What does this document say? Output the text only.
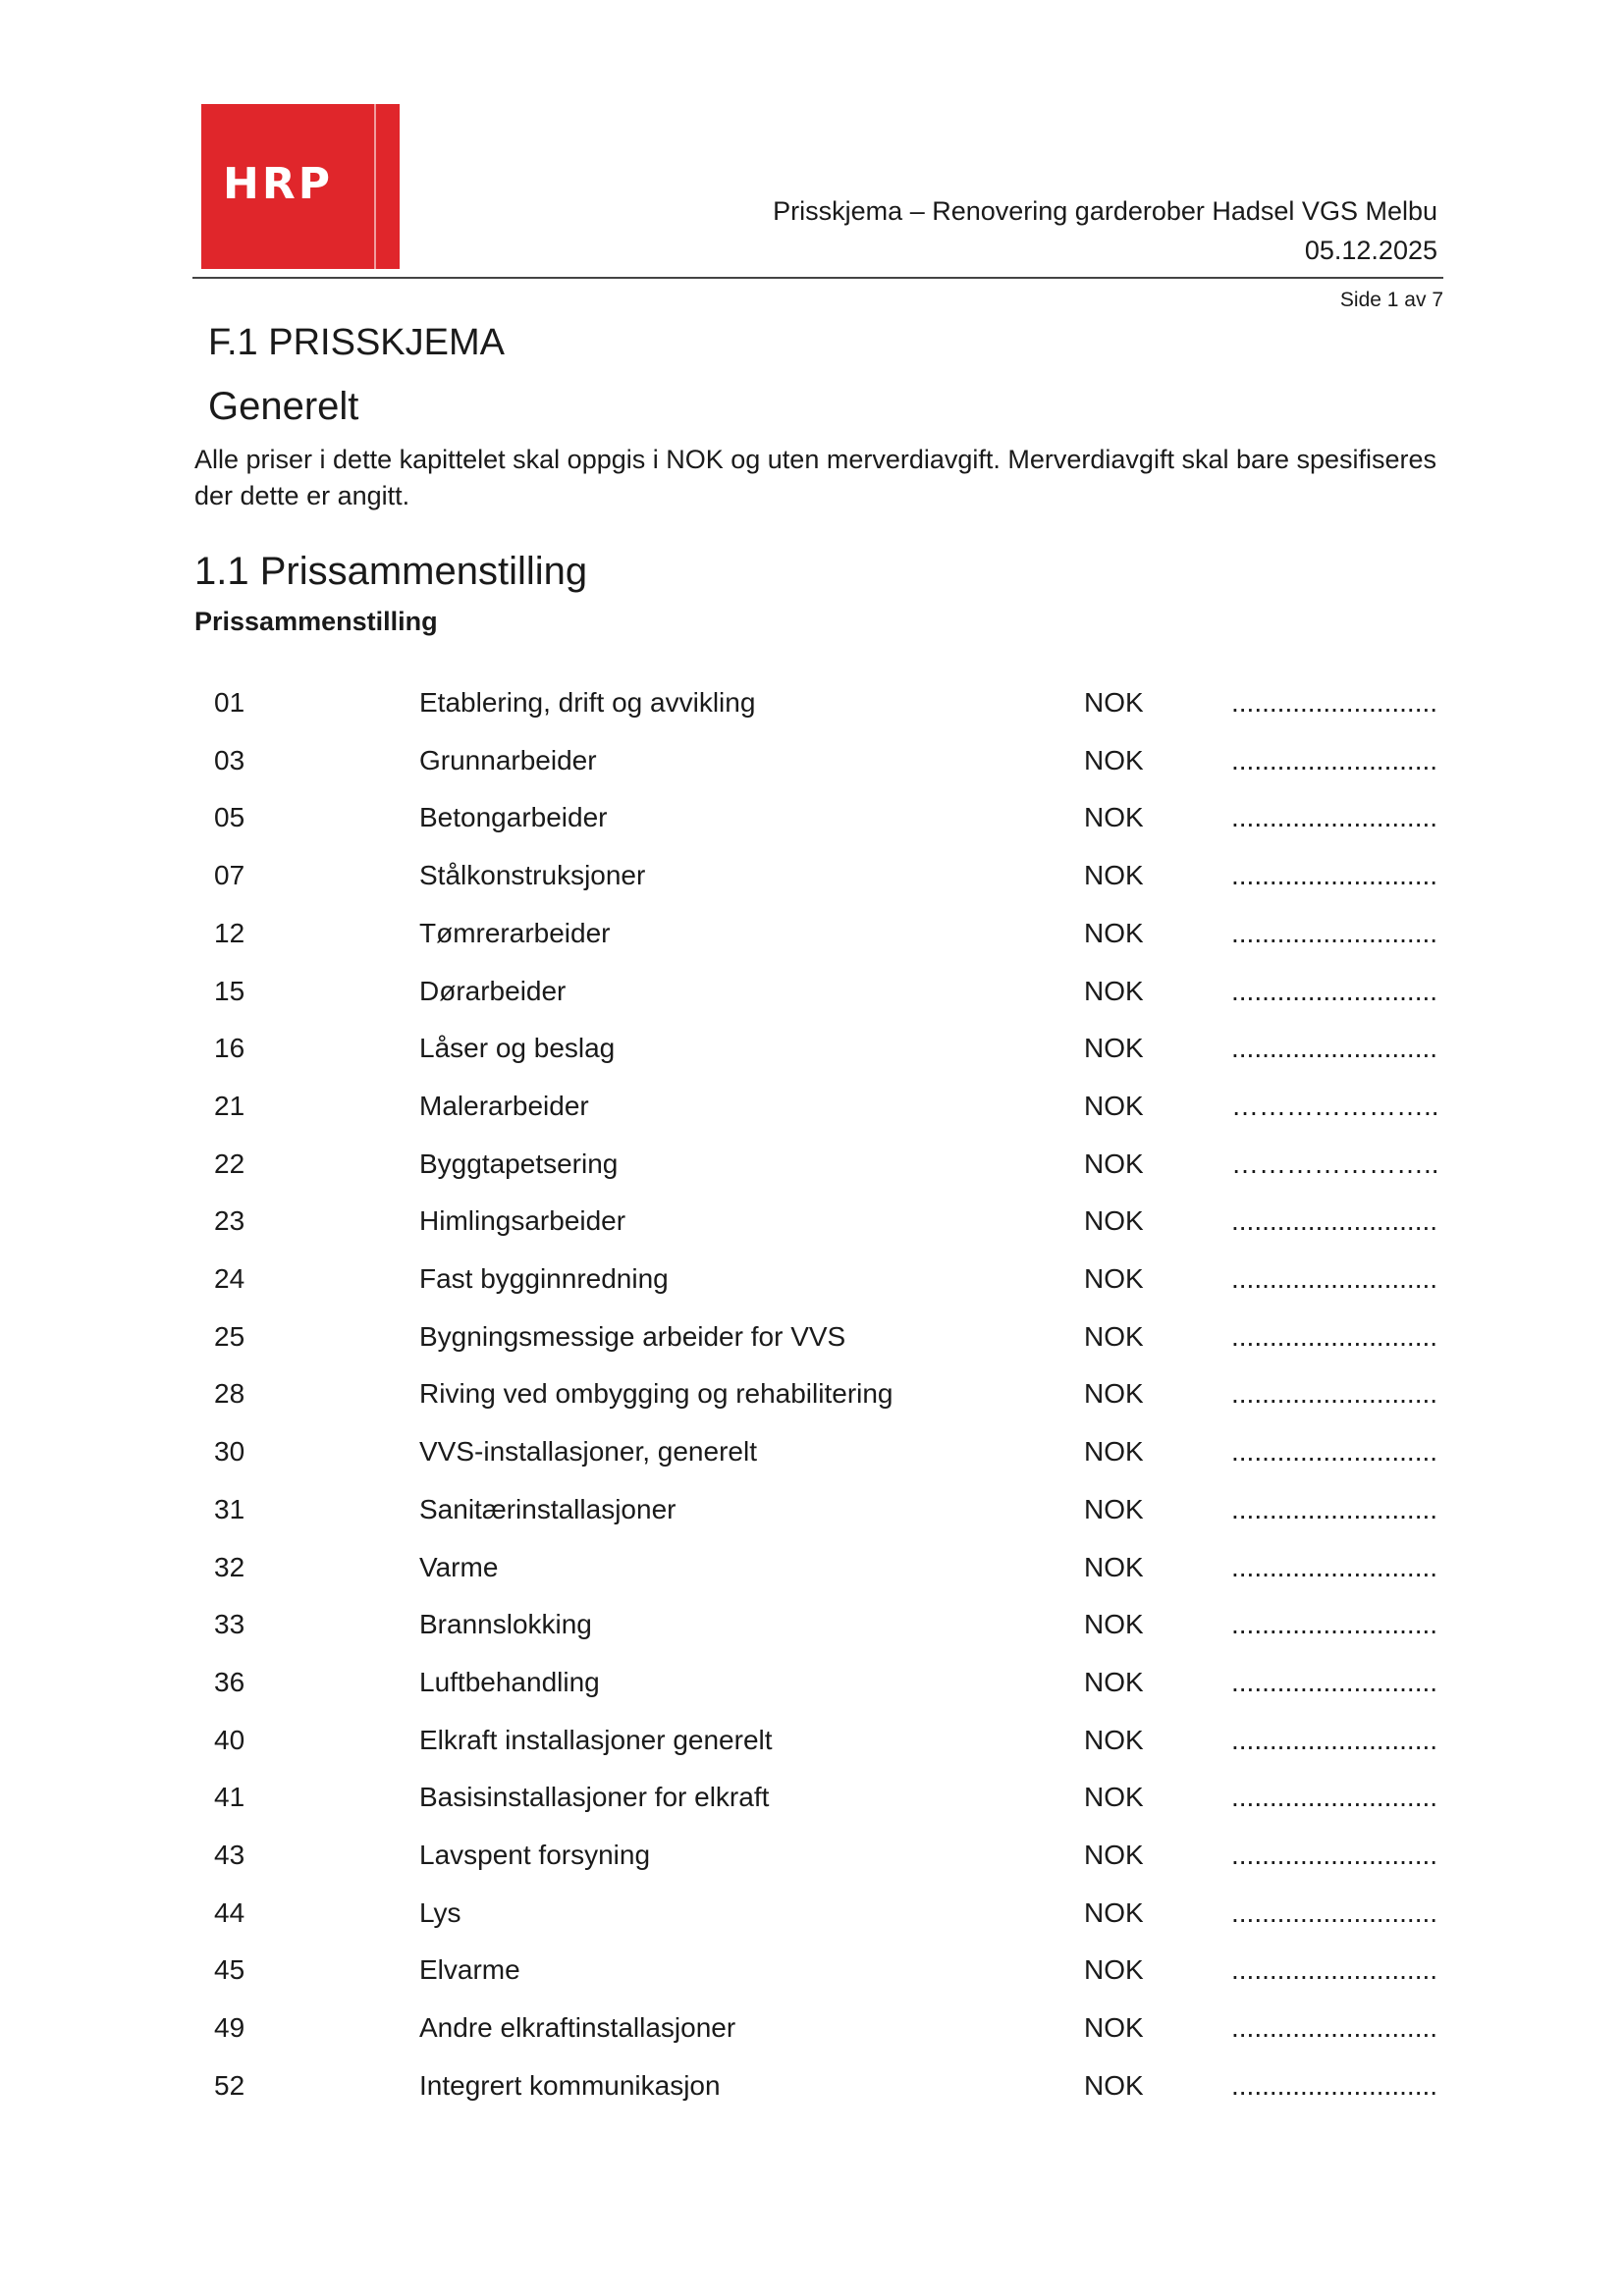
HRP
Prisskjema – Renovering garderober Hadsel VGS Melbu
05.12.2025
Side 1 av 7
F.1 PRISSKJEMA
Generelt
Alle priser i dette kapittelet skal oppgis i NOK og uten merverdiavgift. Merverdiavgift skal bare spesifiseres der dette er angitt.
1.1 Prissammenstilling
Prissammenstilling
01	Etablering, drift og avvikling	NOK	...........................
03	Grunnarbeider	NOK	...........................
05	Betongarbeider	NOK	...........................
07	Stålkonstruksjoner	NOK	...........................
12	Tømrerarbeider	NOK	...........................
15	Dørarbeider	NOK	...........................
16	Låser og beslag	NOK	...........................
21	Malerarbeider	NOK	…………………..
22	Byggtapetsering	NOK	…………………..
23	Himlingsarbeider	NOK	...........................
24	Fast bygginnredning	NOK	...........................
25	Bygningsmessige arbeider for VVS	NOK	...........................
28	Riving ved ombygging og rehabilitering	NOK	...........................
30	VVS-installasjoner, generelt	NOK	...........................
31	Sanitærinstallasjoner	NOK	...........................
32	Varme	NOK	...........................
33	Brannslokking	NOK	...........................
36	Luftbehandling	NOK	...........................
40	Elkraft installasjoner generelt	NOK	...........................
41	Basisinstallasjoner for elkraft	NOK	...........................
43	Lavspent forsyning	NOK	...........................
44	Lys	NOK	...........................
45	Elvarme	NOK	...........................
49	Andre elkraftinstallasjoner	NOK	...........................
52	Integrert kommunikasjon	NOK	...........................
